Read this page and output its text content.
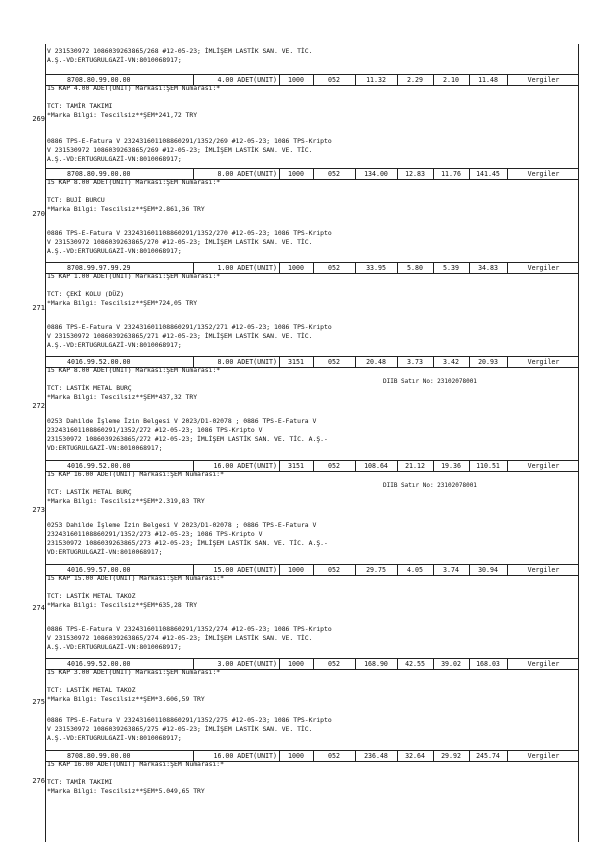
V 231530972 1086039263865/268 #12-05-23; İMLİŞEM LASTİK SAN. VE. TİC.
A.Ş.-VD:ERTUGRULGAZİ-VN:8010068917;
8708.80.99.00.00	4.00 ADET(UNIT)	1000	052	11.32	2.29	2.10	11.48	Vergiler
15 KAP 4.00 ADET(UNIT) Markası:ŞEM Numarası:*
TCT: TAMİR TAKIMI
269 *Marka Bilgi: Tescilsiz**ŞEM*241,72 TRY
0886 TPS-E-Fatura V 232431601108860291/1352/269 #12-05-23; 1086 TPS-Kripto
V 231530972 1086039263865/269 #12-05-23; İMLİŞEM LASTİK SAN. VE. TİC.
A.Ş.-VD:ERTUGRULGAZİ-VN:8010068917;
8708.80.99.00.00	8.00 ADET(UNIT)	1000	052	134.00	12.83	11.76	141.45	Vergiler
15 KAP 8.00 ADET(UNIT) Markası:ŞEM Numarası:*
TCT: BUJİ BURCU
270
*Marka Bilgi: Tescilsiz**ŞEM*2.861,36 TRY
0886 TPS-E-Fatura V 232431601108860291/1352/270 #12-05-23; 1086 TPS-Kripto
V 231530972 1086039263865/270 #12-05-23; İMLİŞEM LASTİK SAN. VE. TİC.
A.Ş.-VD:ERTUGRULGAZİ-VN:8010068917;
8708.99.97.99.29	1.00 ADET(UNIT)	1000	052	33.95	5.80	5.39	34.83	Vergiler
15 KAP 1.00 ADET(UNIT) Markası:ŞEM Numarası:*
TCT: ÇEKİ KOLU (DÜZ)
271
*Marka Bilgi: Tescilsiz**ŞEM*724,05 TRY
0886 TPS-E-Fatura V 232431601108860291/1352/271 #12-05-23; 1086 TPS-Kripto
V 231530972 1086039263865/271 #12-05-23; İMLİŞEM LASTİK SAN. VE. TİC.
A.Ş.-VD:ERTUGRULGAZİ-VN:8010068917;
4016.99.52.00.00	8.00 ADET(UNIT)	3151	052	20.48	3.73	3.42	20.93	Vergiler
15 KAP 8.00 ADET(UNIT) Markası:ŞEM Numarası:*
DIIB Satır No: 23102078001
TCT: LASTİK METAL BURÇ
272
*Marka Bilgi: Tescilsiz**ŞEM*437,32 TRY
0253 Dahilde İşleme İzin Belgesi V 2023/D1-02078 ; 0886 TPS-E-Fatura V
232431601108860291/1352/272 #12-05-23; 1086 TPS-Kripto V
231530972 1086039263865/272 #12-05-23; İMLİŞEM LASTİK SAN. VE. TİC. A.Ş.-
VD:ERTUGRULGAZİ-VN:8010068917;
4016.99.52.00.00	16.00 ADET(UNIT)	3151	052	108.64	21.12	19.36	110.51	Vergiler
15 KAP 16.00 ADET(UNIT) Markası:ŞEM Numarası:*
DIIB Satır No: 23102078001
TCT: LASTİK METAL BURÇ
273
*Marka Bilgi: Tescilsiz**ŞEM*2.319,83 TRY
0253 Dahilde İşleme İzin Belgesi V 2023/D1-02078 ; 0886 TPS-E-Fatura V
232431601108860291/1352/273 #12-05-23; 1086 TPS-Kripto V
231530972 1086039263865/273 #12-05-23; İMLİŞEM LASTİK SAN. VE. TİC. A.Ş.-
VD:ERTUGRULGAZİ-VN:8010068917;
4016.99.57.00.00	15.00 ADET(UNIT)	1000	052	29.75	4.05	3.74	30.94	Vergiler
15 KAP 15.00 ADET(UNIT) Markası:ŞEM Numarası:*
TCT: LASTİK METAL TAKOZ
274 *Marka Bilgi: Tescilsiz**ŞEM*635,28 TRY
0886 TPS-E-Fatura V 232431601108860291/1352/274 #12-05-23; 1086 TPS-Kripto
V 231530972 1086039263865/274 #12-05-23; İMLİŞEM LASTİK SAN. VE. TİC.
A.Ş.-VD:ERTUGRULGAZİ-VN:8010068917;
4016.99.52.00.00	3.00 ADET(UNIT)	1000	052	168.90	42.55	39.02	168.03	Vergiler
15 KAP 3.00 ADET(UNIT) Markası:ŞEM Numarası:*
TCT: LASTİK METAL TAKOZ
275 *Marka Bilgi: Tescilsiz**ŞEM*3.606,59 TRY
0886 TPS-E-Fatura V 232431601108860291/1352/275 #12-05-23; 1086 TPS-Kripto
V 231530972 1086039263865/275 #12-05-23; İMLİŞEM LASTİK SAN. VE. TİC.
A.Ş.-VD:ERTUGRULGAZİ-VN:8010068917;
8708.80.99.00.00	16.00 ADET(UNIT)	1000	052	236.48	32.64	29.92	245.74	Vergiler
15 KAP 16.00 ADET(UNIT) Markası:ŞEM Numarası:*
276 TCT: TAMİR TAKIMI
*Marka Bilgi: Tescilsiz**ŞEM*5.049,65 TRY
